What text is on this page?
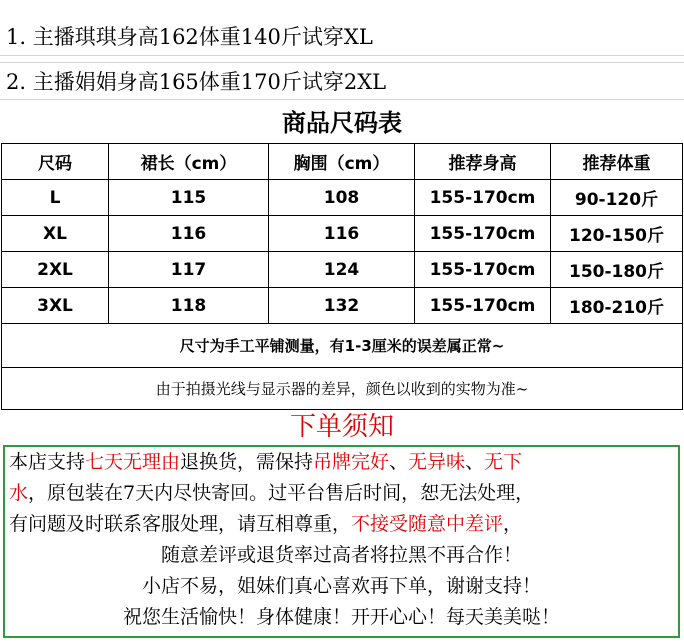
1. 主播琪琪身高162体重140斤试穿XL
2. 主播娟娟身高165体重170斤试穿2XL
商品尺码表
尺码	裙长（cm）	胸围（cm）	推荐身高	推荐体重
L	115	108	155-170cm	90-120斤
XL	116	116	155-170cm	120-150斤
2XL	117	124	155-170cm	150-180斤
3XL	118	132	155-170cm	180-210斤
尺寸为手工平铺测量，有1-3厘米的误差属正常~				
由于拍摄光线与显示器的差异，颜色以收到的实物为准~				
下单须知
本店支持七天无理由退换货，需保持吊牌完好、无异味、无下
水，原包装在7天内尽快寄回。过平台售后时间，恕无法处理，
有问题及时联系客服处理，请互相尊重，不接受随意中差评，
随意差评或退货率过高者将拉黑不再合作！
小店不易，姐妹们真心喜欢再下单，谢谢支持！
祝您生活愉快！身体健康！开开心心！每天美美哒！
